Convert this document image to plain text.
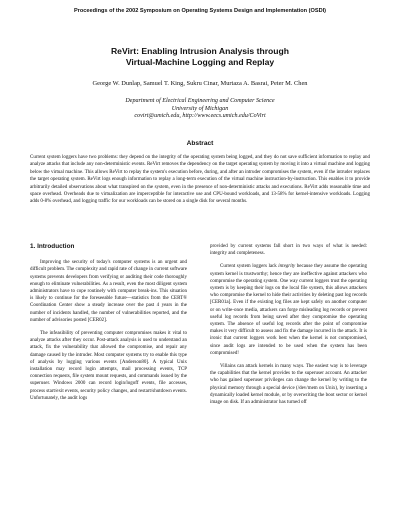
Proceedings of the 2002 Symposium on Operating Systems Design and Implementation (OSDI)
ReVirt: Enabling Intrusion Analysis through
Virtual-Machine Logging and Replay
George W. Dunlap, Samuel T. King, Sukru Cinar, Murtaza A. Basrai, Peter M. Chen
Department of Electrical Engineering and Computer Science
University of Michigan
covirt@umich.edu, http://www.eecs.umich.edu/CoVirt
Abstract
Current system loggers have two problems: they depend on the integrity of the operating system being logged, and they do not save sufficient information to replay and analyze attacks that include any non-deterministic events. ReVirt removes the dependency on the target operating system by moving it into a virtual machine and logging below the virtual machine. This allows ReVirt to replay the system's execution before, during, and after an intruder compromises the system, even if the intruder replaces the target operating system. ReVirt logs enough information to replay a long-term execution of the virtual machine instruction-by-instruction. This enables it to provide arbitrarily detailed observations about what transpired on the system, even in the presence of non-deterministic attacks and executions. ReVirt adds reasonable time and space overhead. Overheads due to virtualization are imperceptible for interactive use and CPU-bound workloads, and 13-58% for kernel-intensive workloads. Logging adds 0-8% overhead, and logging traffic for our workloads can be stored on a single disk for several months.
1. Introduction

Improving the security of today's computer systems is an urgent and difficult problem. The complexity and rapid rate of change in current software systems prevents developers from verifying or auditing their code thoroughly enough to eliminate vulnerabilities. As a result, even the most diligent system administrators have to cope routinely with computer break-ins. This situation is likely to continue for the foreseeable future—statistics from the CERT® Coordination Center show a steady increase over the past 4 years in the number of incidents handled, the number of vulnerabilities reported, and the number of advisories posted [CER02].

The infeasibility of preventing computer compromises makes it vital to analyze attacks after they occur. Post-attack analysis is used to understand an attack, fix the vulnerability that allowed the compromise, and repair any damage caused by the intruder. Most computer systems try to enable this type of analysis by logging various events [Anderson80]. A typical Unix installation may record login attempts, mail processing events, TCP connection requests, file system mount requests, and commands issued by the superuser. Windows 2000 can record login/logoff events, file accesses, process start/exit events, security policy changes, and restart/shutdown events. Unfortunately, the audit logs

provided by current systems fall short in two ways of what is needed: integrity and completeness.

Current system loggers lack integrity because they assume the operating system kernel is trustworthy; hence they are ineffective against attackers who compromise the operating system. One way current loggers trust the operating system is by keeping their logs on the local file system, this allows attackers who compromise the kernel to hide their activities by deleting past log records [CER01a]. Even if the existing log files are kept safely on another computer or on write-once media, attackers can forge misleading log records or prevent useful log records from being saved after they compromise the operating system. The absence of useful log records after the point of compromise makes it very difficult to assess and fix the damage incurred in the attack. It is ironic that current loggers work best when the kernel is not compromised, since audit logs are intended to be used when the system has been compromised!

Villains can attack kernels in many ways. The easiest way is to leverage the capabilities that the kernel provides to the superuser account. An attacker who has gained superuser privileges can change the kernel by writing to the physical memory through a special device (/dev/mem on Unix), by inserting a dynamically loaded kernel module, or by overwriting the boot sector or kernel image on disk. If an administrator has turned off
